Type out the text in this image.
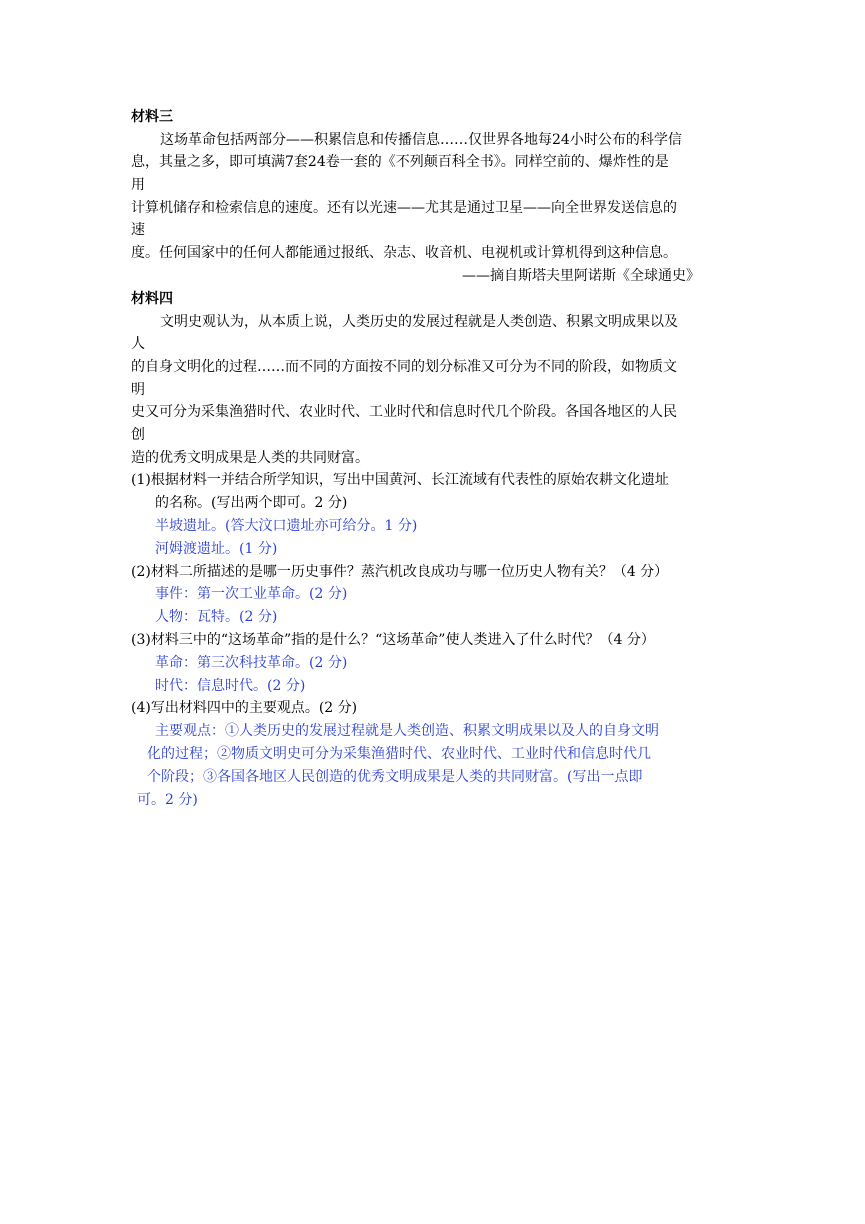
材料三
这场革命包括两部分——积累信息和传播信息……仅世界各地每24小时公布的科学信
息，其量之多，即可填满7套24卷一套的《不列颠百科全书》。同样空前的、爆炸性的是
用
计算机储存和检索信息的速度。还有以光速——尤其是通过卫星——向全世界发送信息的
速
度。任何国家中的任何人都能通过报纸、杂志、收音机、电视机或计算机得到这种信息。
——摘自斯塔夫里阿诺斯《全球通史》
材料四
文明史观认为，从本质上说，人类历史的发展过程就是人类创造、积累文明成果以及
人
的自身文明化的过程……而不同的方面按不同的划分标准又可分为不同的阶段，如物质文
明
史又可分为采集渔猎时代、农业时代、工业时代和信息时代几个阶段。各国各地区的人民
创
造的优秀文明成果是人类的共同财富。
(1)根据材料一并结合所学知识，写出中国黄河、长江流域有代表性的原始农耕文化遗址
的名称。(写出两个即可。2 分)
半坡遗址。(答大汶口遗址亦可给分。1 分)
河姆渡遗址。(1 分)
(2)材料二所描述的是哪一历史事件？蒸汽机改良成功与哪一位历史人物有关？（4 分）
事件：第一次工业革命。(2 分)
人物：瓦特。(2 分)
(3)材料三中的“这场革命”指的是什么？“这场革命”使人类进入了什么时代？（4 分）
革命：第三次科技革命。(2 分)
时代：信息时代。(2 分)
(4)写出材料四中的主要观点。(2 分)
主要观点：①人类历史的发展过程就是人类创造、积累文明成果以及人的自身文明
化的过程；②物质文明史可分为采集渔猎时代、农业时代、工业时代和信息时代几
个阶段；③各国各地区人民创造的优秀文明成果是人类的共同财富。(写出一点即
可。2 分)
